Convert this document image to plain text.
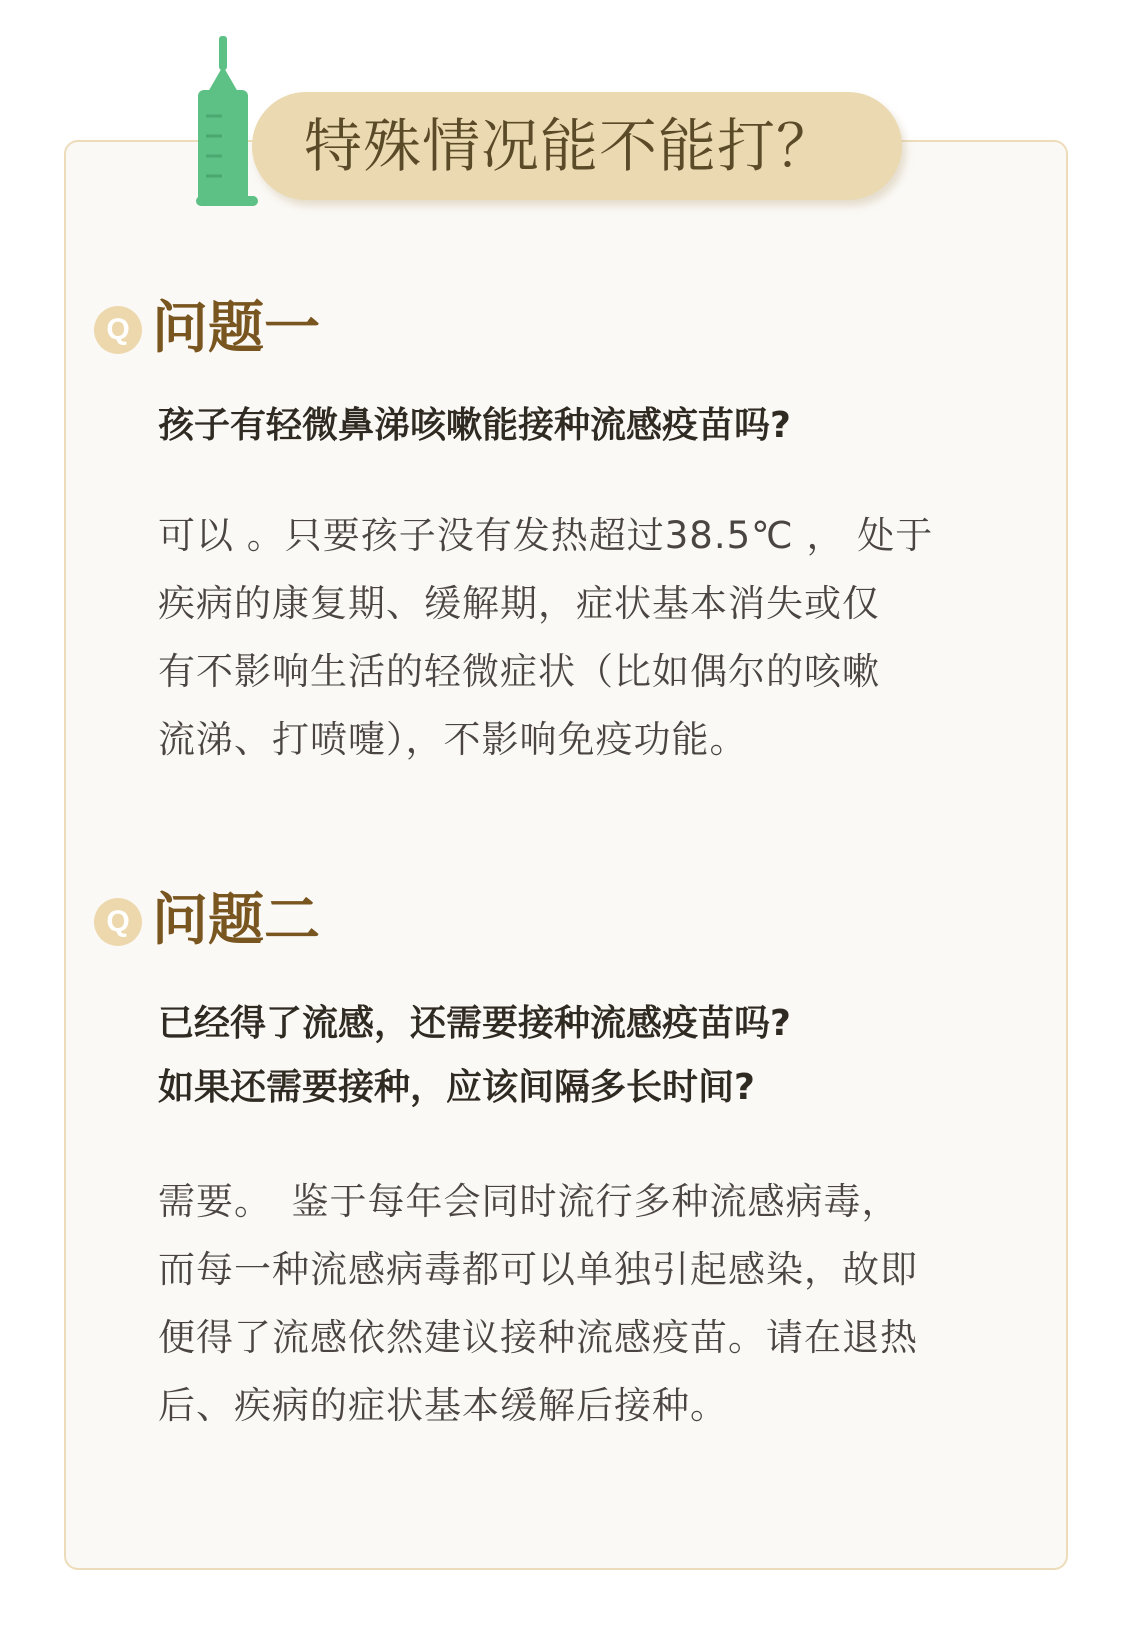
特殊情况能不能打？
Q 问题一
孩子有轻微鼻涕咳嗽能接种流感疫苗吗?
可以 。只要孩子没有发热超过38.5℃ ， 处于
疾病的康复期、缓解期，症状基本消失或仅
有不影响生活的轻微症状（比如偶尔的咳嗽
流涕、打喷嚏），不影响免疫功能。
Q 问题二
已经得了流感，还需要接种流感疫苗吗?
如果还需要接种，应该间隔多长时间?
需要。　鉴于每年会同时流行多种流感病毒，
而每一种流感病毒都可以单独引起感染，故即
便得了流感依然建议接种流感疫苗。请在退热
后、疾病的症状基本缓解后接种。
